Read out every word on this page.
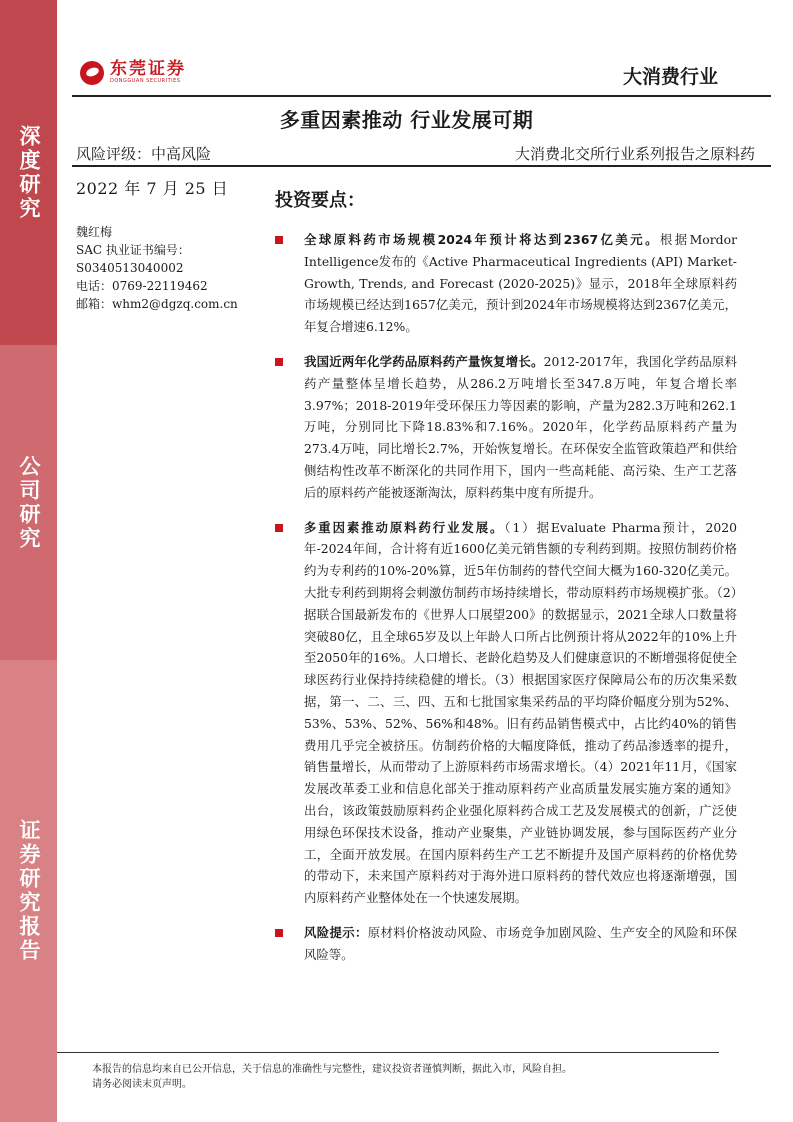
深度研究
公司研究
证券研究报告
东莞证券
DONGGUAN SECURITIES	大消费行业
多重因素推动 行业发展可期
风险评级：中高风险	大消费北交所行业系列报告之原料药
2022 年 7 月 25 日
魏红梅
SAC 执业证书编号：
S0340513040002
电话：0769-22119462
邮箱：whm2@dgzq.com.cn
投资要点：
全球原料药市场规模2024年预计将达到2367亿美元。根据Mordor Intelligence发布的《Active Pharmaceutical Ingredients (API) Market- Growth, Trends, and Forecast (2020-2025)》显示，2018年全球原料药市场规模已经达到1657亿美元，预计到2024年市场规模将达到2367亿美元，年复合增速6.12%。
我国近两年化学药品原料药产量恢复增长。2012-2017年，我国化学药品原料药产量整体呈增长趋势，从286.2万吨增长至347.8万吨，年复合增长率3.97%；2018-2019年受环保压力等因素的影响，产量为282.3万吨和262.1万吨，分别同比下降18.83%和7.16%。2020年，化学药品原料药产量为273.4万吨，同比增长2.7%，开始恢复增长。在环保安全监管政策趋严和供给侧结构性改革不断深化的共同作用下，国内一些高耗能、高污染、生产工艺落后的原料药产能被逐渐淘汰，原料药集中度有所提升。
多重因素推动原料药行业发展。（1）据Evaluate Pharma预计，2020年-2024年间，合计将有近1600亿美元销售额的专利药到期。按照仿制药价格约为专利药的10%-20%算，近5年仿制药的替代空间大概为160-320亿美元。大批专利药到期将会刺激仿制药市场持续增长，带动原料药市场规模扩张。（2）据联合国最新发布的《世界人口展望200》的数据显示，2021全球人口数量将突破80亿，且全球65岁及以上年龄人口所占比例预计将从2022年的10%上升至2050年的16%。人口增长、老龄化趋势及人们健康意识的不断增强将促使全球医药行业保持持续稳健的增长。（3）根据国家医疗保障局公布的历次集采数据，第一、二、三、四、五和七批国家集采药品的平均降价幅度分别为52%、53%、53%、52%、56%和48%。旧有药品销售模式中，占比约40%的销售费用几乎完全被挤压。仿制药价格的大幅度降低，推动了药品渗透率的提升，销售量增长，从而带动了上游原料药市场需求增长。（4）2021年11月，《国家发展改革委工业和信息化部关于推动原料药产业高质量发展实施方案的通知》出台，该政策鼓励原料药企业强化原料药合成工艺及发展模式的创新，广泛使用绿色环保技术设备，推动产业聚集，产业链协调发展，参与国际医药产业分工，全面开放发展。在国内原料药生产工艺不断提升及国产原料药的价格优势的带动下，未来国产原料药对于海外进口原料药的替代效应也将逐渐增强，国内原料药产业整体处在一个快速发展期。
风险提示：原材料价格波动风险、市场竞争加剧风险、生产安全的风险和环保风险等。
本报告的信息均来自已公开信息，关于信息的准确性与完整性，建议投资者谨慎判断，据此入市，风险自担。
请务必阅读末页声明。
